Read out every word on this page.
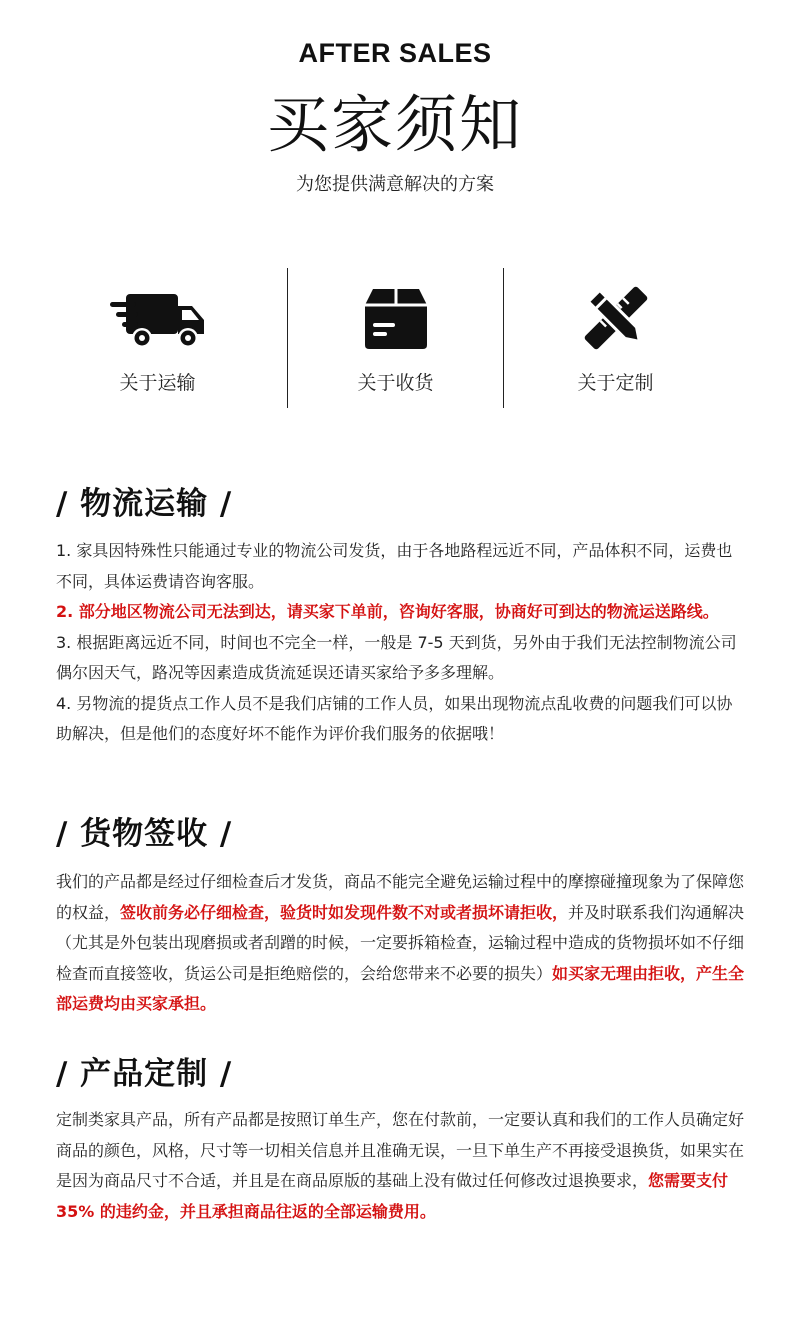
AFTER SALES
买家须知
为您提供满意解决的方案
关于运输	关于收货	关于定制
/ 物流运输 /

1. 家具因特殊性只能通过专业的物流公司发货，由于各地路程远近不同，产品体积不同，运费也不同，具体运费请咨询客服。

2. 部分地区物流公司无法到达，请买家下单前，咨询好客服，协商好可到达的物流运送路线。

3. 根据距离远近不同，时间也不完全一样，一般是 7-5 天到货，另外由于我们无法控制物流公司偶尔因天气，路况等因素造成货流延误还请买家给予多多理解。

4. 另物流的提货点工作人员不是我们店铺的工作人员，如果出现物流点乱收费的问题我们可以协助解决，但是他们的态度好坏不能作为评价我们服务的依据哦！

/ 货物签收 /

我们的产品都是经过仔细检查后才发货，商品不能完全避免运输过程中的摩擦碰撞现象为了保障您的权益，签收前务必仔细检查，验货时如发现件数不对或者损坏请拒收，并及时联系我们沟通解决（尤其是外包装出现磨损或者刮蹭的时候，一定要拆箱检查，运输过程中造成的货物损坏如不仔细检查而直接签收，货运公司是拒绝赔偿的，会给您带来不必要的损失）如买家无理由拒收，产生全部运费均由买家承担。

/ 产品定制 /

定制类家具产品，所有产品都是按照订单生产，您在付款前，一定要认真和我们的工作人员确定好商品的颜色，风格，尺寸等一切相关信息并且准确无误，一旦下单生产不再接受退换货，如果实在是因为商品尺寸不合适，并且是在商品原版的基础上没有做过任何修改过退换要求，您需要支付 35% 的违约金，并且承担商品往返的全部运输费用。
